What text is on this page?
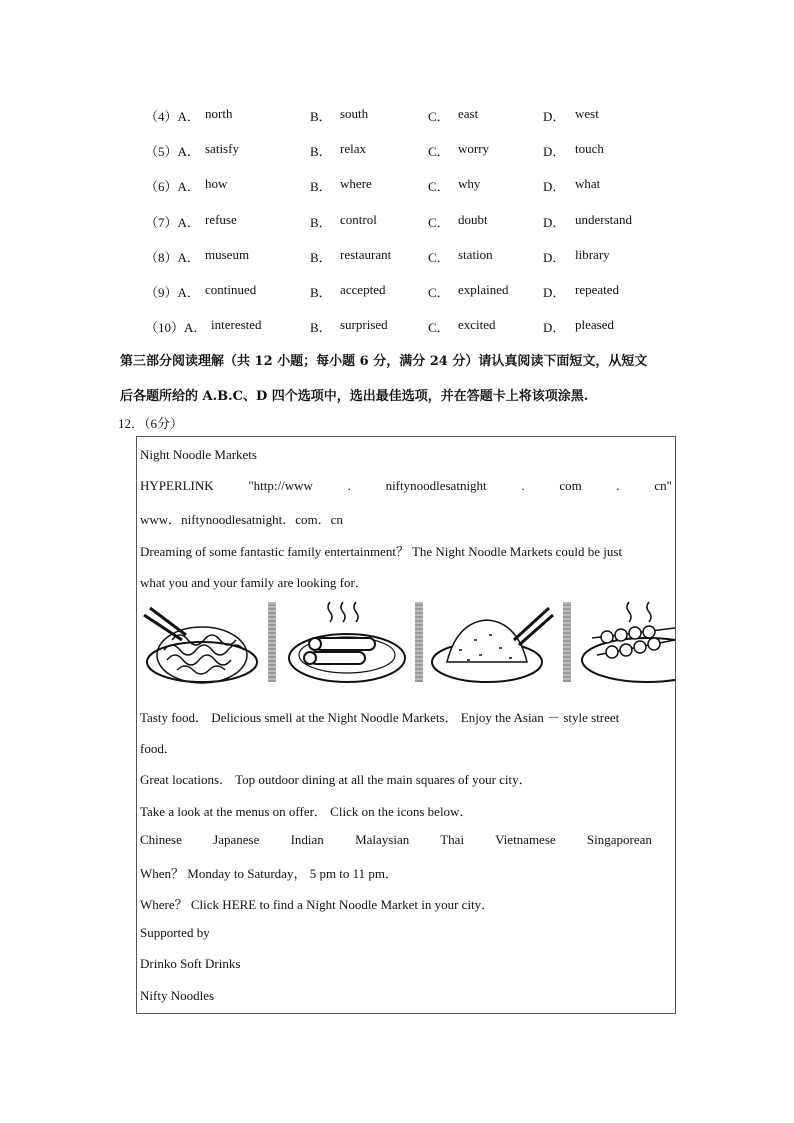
（4）A． north	B． south	C． east	D． west
（5）A． satisfy	B． relax	C． worry	D． touch
（6）A． how	B． where	C． why	D． what
（7）A． refuse	B． control	C． doubt	D． understand
（8）A． museum	B． restaurant	C． station	D． library
（9）A． continued	B． accepted	C． explained	D． repeated
（10）A． interested	B． surprised	C． excited	D． pleased
第三部分阅读理解（共 12 小题；每小题 6 分，满分 24 分）请认真阅读下面短文，从短文
后各题所给的 A.B.C、D 四个选项中，选出最佳选项，并在答题卡上将该项涂黑.
12．（6分）
Night Noodle Markets
HYPERLINK	"http://www	.	niftynoodlesatnight	.	com	.	cn"
www．niftynoodlesatnight．com．cn
Dreaming of some fantastic family entertainment？ The Night Noodle Markets could be just
what you and your family are looking for．
Tasty food． Delicious smell at the Night Noodle Markets． Enjoy the Asian － style street
food．
Great locations． Top outdoor dining at all the main squares of your city．
Take a look at the menus on offer． Click on the icons below．
Chinese Japanese Indian Malaysian Thai Vietnamese Singaporean
When？ Monday to Saturday， 5 pm to 11 pm．
Where？ Click HERE to find a Night Noodle Market in your city．
Supported by
Drinko Soft Drinks
Nifty Noodles
